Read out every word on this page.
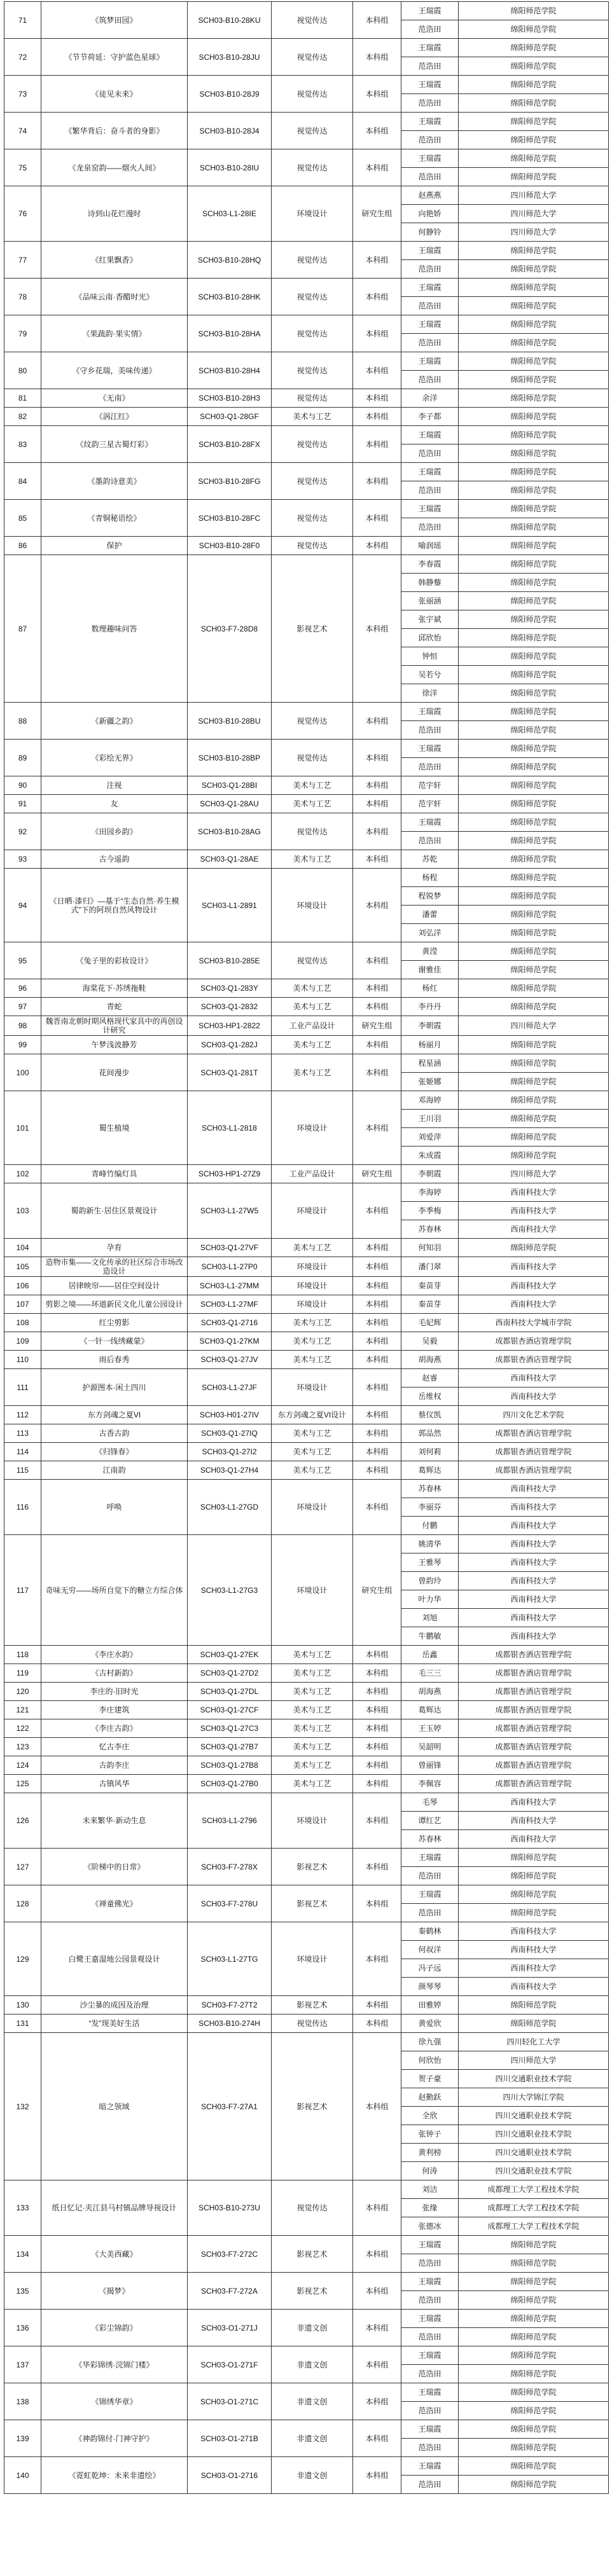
71	《筑梦田园》	SCH03-B10-28KU	视觉传达	本科组	王瑞霞	绵阳师范学院
					范浩田	绵阳师范学院
72	《节节荷延：守护蓝色星球》	SCH03-B10-28JU	视觉传达	本科组	王瑞霞	绵阳师范学院
					范浩田	绵阳师范学院
73	《徒见未来》	SCH03-B10-28J9	视觉传达	本科组	王瑞霞	绵阳师范学院
					范浩田	绵阳师范学院
74	《繁华背后：奋斗者的身影》	SCH03-B10-28J4	视觉传达	本科组	王瑞霞	绵阳师范学院
					范浩田	绵阳师范学院
75	《龙泉窑韵——烟火人间》	SCH03-B10-28IU	视觉传达	本科组	王瑞霞	绵阳师范学院
					范浩田	绵阳师范学院
76	诗到山花烂漫时	SCH03-L1-28IE	环境设计	研究生组	赵燕燕	四川师范大学
					向艳娇	四川师范大学
					何静铃	四川师范大学
77	《红果飘香》	SCH03-B10-28HQ	视觉传达	本科组	王瑞霞	绵阳师范学院
					范浩田	绵阳师范学院
78	《品味云南·香醋时光》	SCH03-B10-28HK	视觉传达	本科组	王瑞霞	绵阳师范学院
					范浩田	绵阳师范学院
79	《果蔬韵·果实情》	SCH03-B10-28HA	视觉传达	本科组	王瑞霞	绵阳师范学院
					范浩田	绵阳师范学院
80	《守乡花瑞，美味传递》	SCH03-B10-28H4	视觉传达	本科组	王瑞霞	绵阳师范学院
					范浩田	绵阳师范学院
81	《无南》	SCH03-B10-28H3	视觉传达	本科组	余洋	绵阳师范学院
82	《涡江红》	SCH03-Q1-28GF	美术与工艺	本科组	李子都	绵阳师范学院
83	《纹韵三星古蜀灯彩》	SCH03-B10-28FX	视觉传达	本科组	王瑞霞	绵阳师范学院
					范浩田	绵阳师范学院
84	《墨韵诗意美》	SCH03-B10-28FG	视觉传达	本科组	王瑞霞	绵阳师范学院
					范浩田	绵阳师范学院
85	《青铜秘语绘》	SCH03-B10-28FC	视觉传达	本科组	王瑞霞	绵阳师范学院
					范浩田	绵阳师范学院
86	保护	SCH03-B10-28F0	视觉传达	本科组	喻润瑶	绵阳师范学院
87	数理趣味问答	SCH03-F7-28D8	影视艺术	本科组	李春霞	绵阳师范学院
					韩静藜	绵阳师范学院
					张丽涵	绵阳师范学院
					张宇斌	绵阳师范学院
					邱欣怡	绵阳师范学院
					钟恒	绵阳师范学院
					吴若兮	绵阳师范学院
					徐洋	绵阳师范学院
88	《新疆之韵》	SCH03-B10-28BU	视觉传达	本科组	王瑞霞	绵阳师范学院
					范浩田	绵阳师范学院
89	《彩绘无界》	SCH03-B10-28BP	视觉传达	本科组	王瑞霞	绵阳师范学院
					范浩田	绵阳师范学院
90	注视	SCH03-Q1-28BI	美术与工艺	本科组	范宇轩	绵阳师范学院
91	友	SCH03-Q1-28AU	美术与工艺	本科组	范宇轩	绵阳师范学院
92	《田园乡韵》	SCH03-B10-28AG	视觉传达	本科组	王瑞霞	绵阳师范学院
					范浩田	绵阳师范学院
93	古今遥韵	SCH03-Q1-28AE	美术与工艺	本科组	苏乾	绵阳师范学院
94	《日晒·漆归》—基于“生态自然·养生模式”下的阿坝自然风物设计	SCH03-L1-2891	环境设计	本科组	杨程	绵阳师范学院
					程锐梦	绵阳师范学院
					潘蕾	绵阳师范学院
					刘弘洋	绵阳师范学院
95	《兔子里的彩妆设计》	SCH03-B10-285E	视觉传达	本科组	黄滢	绵阳师范学院
					谢雅佳	绵阳师范学院
96	海棠花下·苏绣拖鞋	SCH03-Q1-283Y	美术与工艺	本科组	杨红	绵阳师范学院
97	青蛇	SCH03-Q1-2832	美术与工艺	本科组	李丹丹	绵阳师范学院
98	魏晋南北朝时期风格现代家具中的再创设计研究	SCH03-HP1-2822	工业产品设计	研究生组	李朝霞	四川师范大学
99	午梦浅波静芳	SCH03-Q1-282J	美术与工艺	本科组	杨丽月	绵阳师范学院
100	花间漫步	SCH03-Q1-281T	美术与工艺	本科组	程星涵	绵阳师范学院
					张姬娜	绵阳师范学院
101	蜀生植境	SCH03-L1-2818	环境设计	本科组	邓海婷	绵阳师范学院
					王川羽	绵阳师范学院
					刘爱萍	绵阳师范学院
					朱成霞	绵阳师范学院
102	青峰竹编灯具	SCH03-HP1-27Z9	工业产品设计	研究生组	李朝霞	四川师范大学
103	蜀韵新生·居住区景观设计	SCH03-L1-27W5	环境设计	本科组	李海婷	西南科技大学
					李季梅	西南科技大学
					苏春林	西南科技大学
104	孕育	SCH03-Q1-27VF	美术与工艺	本科组	何知羽	绵阳师范学院
105	造物市集——文化传承的社区综合市场改造设计	SCH03-L1-27P0	环境设计	本科组	潘门翠	西南科技大学
106	居律映帘——居住空间设计	SCH03-L1-27MM	环境设计	本科组	秦苗芽	西南科技大学
107	剪影之境——环道新民文化儿童公园设计	SCH03-L1-27MF	环境设计	本科组	秦苗芽	西南科技大学
108	红尘剪影	SCH03-Q1-2716	美术与工艺	本科组	毛妃辉	西南科技大学城市学院
109	《一针一线绣藏蒙》	SCH03-Q1-27KM	美术与工艺	本科组	吴毅	成都银杏酒店管理学院
110	雨后春秀	SCH03-Q1-27JV	美术与工艺	本科组	胡海燕	成都银杏酒店管理学院
111	护源图本·闲土四川	SCH03-L1-27JF	环境设计	本科组	赵睿	西南科技大学
					岳维权	西南科技大学
112	东方剑魂之夏VI	SCH03-H01-27IV	东方剑魂之夏VI设计	本科组	蔡仪凯	四川文化艺术学院
113	古香古韵	SCH03-Q1-27IQ	美术与工艺	本科组	郭品然	成都银杏酒店管理学院
114	《归锋春》	SCH03-Q1-27I2	美术与工艺	本科组	刘何莉	成都银杏酒店管理学院
115	江南韵	SCH03-Q1-27H4	美术与工艺	本科组	葛辉达	成都银杏酒店管理学院
116	呼唤	SCH03-L1-27GD	环境设计	本科组	苏春林	西南科技大学
					李丽芬	西南科技大学
					付鹏	西南科技大学
117	奇味无穷——场所自觉下的糖立方综合体	SCH03-L1-27G3	环境设计	研究生组	姚清华	西南科技大学
					王雅琴	西南科技大学
					曾韵玲	西南科技大学
					叶力华	西南科技大学
					刘旭	西南科技大学
					牛鹏敏	西南科技大学
118	《李庄水韵》	SCH03-Q1-27EK	美术与工艺	本科组	岳鑫	成都银杏酒店管理学院
119	《古村新韵》	SCH03-Q1-27D2	美术与工艺	本科组	毛三三	成都银杏酒店管理学院
120	李庄的·旧时光	SCH03-Q1-27DL	美术与工艺	本科组	胡海燕	成都银杏酒店管理学院
121	李庄建筑	SCH03-Q1-27CF	美术与工艺	本科组	葛辉达	成都银杏酒店管理学院
122	《李庄古韵》	SCH03-Q1-27C3	美术与工艺	本科组	王玉婷	成都银杏酒店管理学院
123	忆古李庄	SCH03-Q1-27B7	美术与工艺	本科组	吴韶明	成都银杏酒店管理学院
124	古韵李庄	SCH03-Q1-27B8	美术与工艺	本科组	曾丽锋	成都银杏酒店管理学院
125	古镇风华	SCH03-Q1-27B0	美术与工艺	本科组	李佩容	成都银杏酒店管理学院
126	未来繁华·新动生息	SCH03-L1-2796	环境设计	本科组	毛琴	西南科技大学
					谭红艺	西南科技大学
					苏春林	西南科技大学
127	《阶梯中的日常》	SCH03-F7-278X	影视艺术	本科组	王瑞霞	绵阳师范学院
					范浩田	绵阳师范学院
128	《禅童佛光》	SCH03-F7-278U	影视艺术	本科组	王瑞霞	绵阳师范学院
					范浩田	绵阳师范学院
129	白鹭王嘉湿地公园景观设计	SCH03-L1-27TG	环境设计	本科组	秦鹤林	西南科技大学
					何叔洋	西南科技大学
					冯子远	西南科技大学
					颜琴琴	西南科技大学
130	沙尘暴的成因及治理	SCH03-F7-27T2	影视艺术	本科组	田雅婷	绵阳师范学院
131	“发”现美好生活	SCH03-B10-274H	视觉传达	本科组	黄爱欣	绵阳师范学院
132	暗之领域	SCH03-F7-27A1	影视艺术	本科组	徐九强	四川轻化工大学
					何欣怡	四川师范大学
					贺子豪	四川交通职业技术学院
					赵勤跃	四川大学锦江学院
					全欣	四川交通职业技术学院
					张钟子	四川交通职业技术学院
					黄利榜	四川交通职业技术学院
					何涛	四川交通职业技术学院
133	纸日忆记·夹江县马村镇品牌导视设计	SCH03-B10-273U	视觉传达	本科组	刘洁	成都理工大学工程技术学院
					张缘	成都理工大学工程技术学院
					张德冰	成都理工大学工程技术学院
134	《大美西藏》	SCH03-F7-272C	影视艺术	本科组	王瑞霞	绵阳师范学院
					范浩田	绵阳师范学院
135	《揭梦》	SCH03-F7-272A	影视艺术	本科组	王瑞霞	绵阳师范学院
					范浩田	绵阳师范学院
136	《彩尘锦韵》	SCH03-O1-271J	非遗文创	本科组	王瑞霞	绵阳师范学院
					范浩田	绵阳师范学院
137	《华彩锦绣·浣锦门楼》	SCH03-O1-271F	非遗文创	本科组	王瑞霞	绵阳师范学院
					范浩田	绵阳师范学院
138	《锦绣华章》	SCH03-O1-271C	非遗文创	本科组	王瑞霞	绵阳师范学院
					范浩田	绵阳师范学院
139	《神韵锦付·门神守护》	SCH03-O1-271B	非遗文创	本科组	王瑞霞	绵阳师范学院
					范浩田	绵阳师范学院
140	《霓虹乾坤：未来非遗绘》	SCH03-O1-2716	非遗文创	本科组	王瑞霞	绵阳师范学院
					范浩田	绵阳师范学院
